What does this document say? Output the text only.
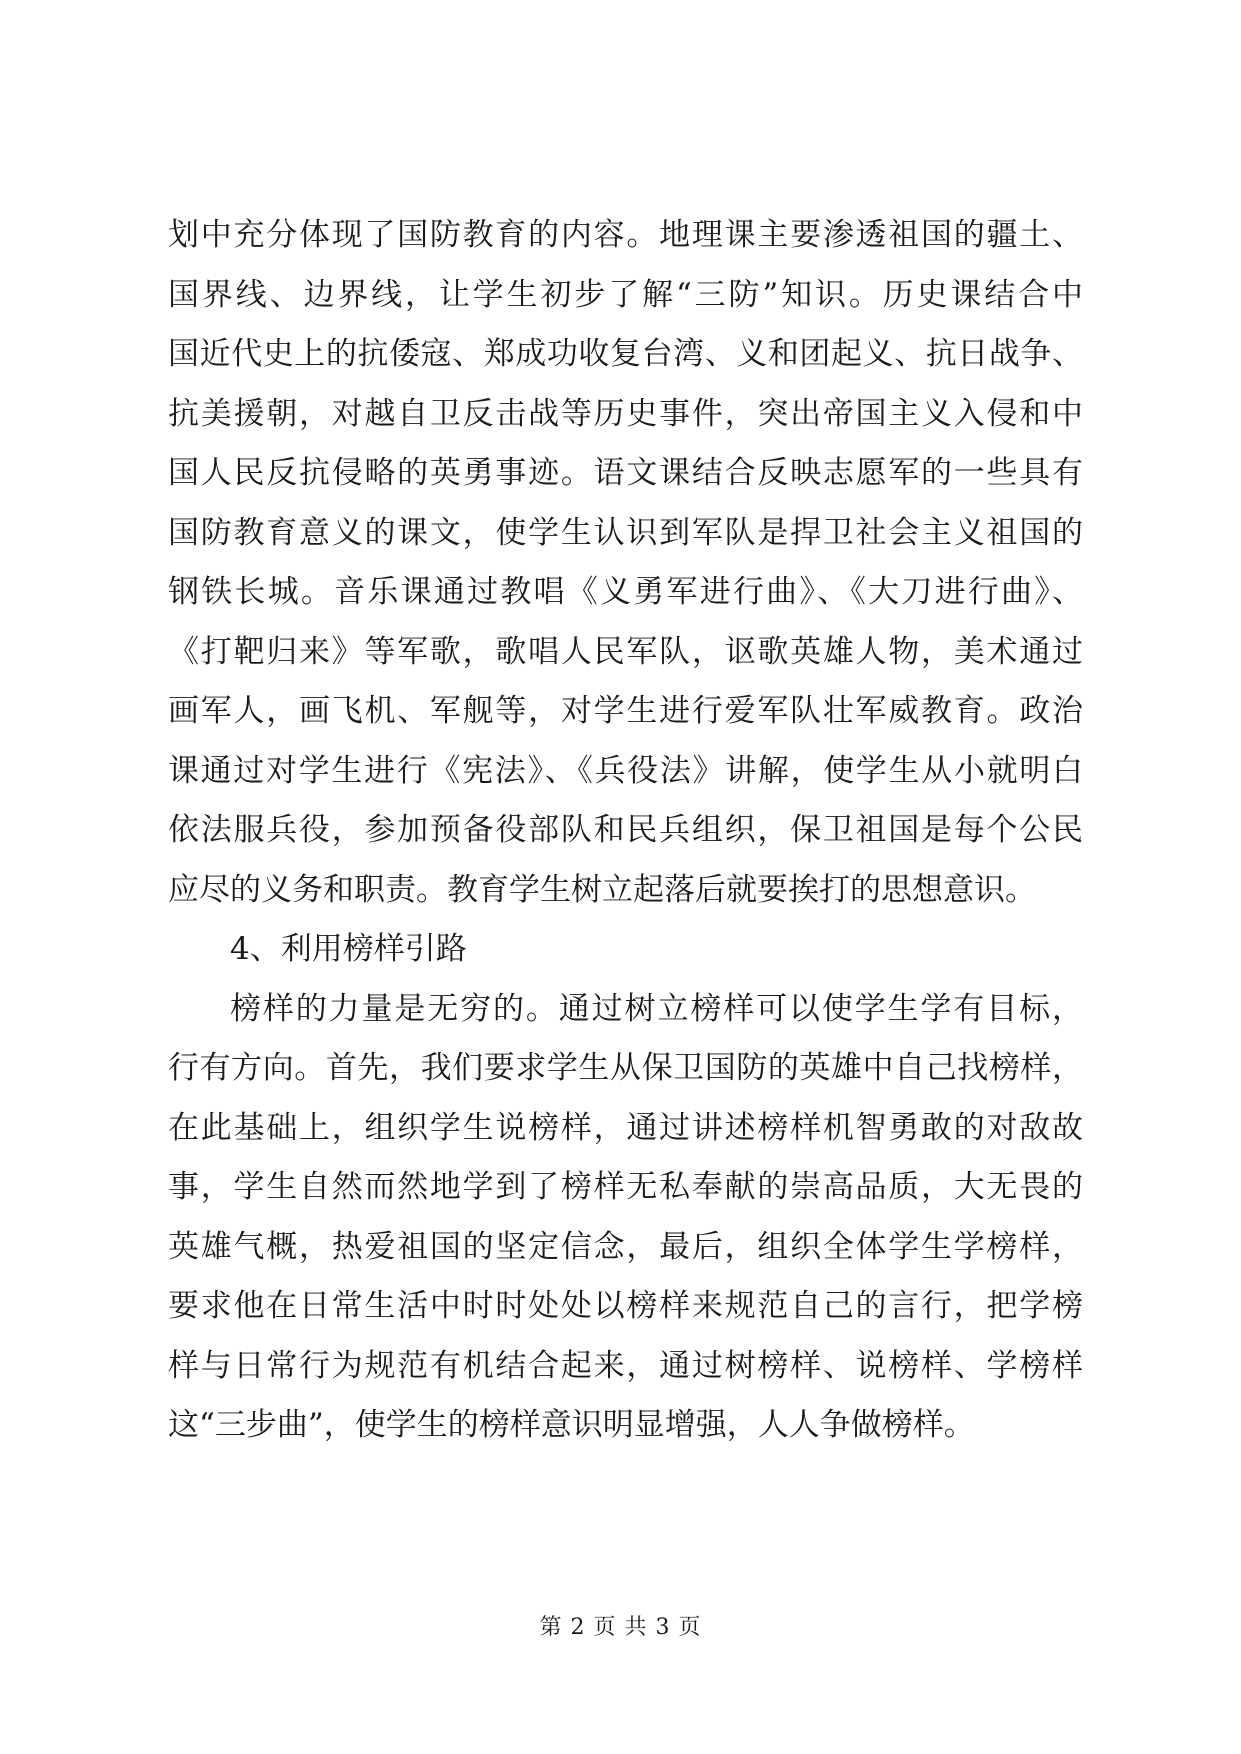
划中充分体现了国防教育的内容。地理课主要渗透祖国的疆土、
国界线、边界线，让学生初步了解“三防”知识。历史课结合中
国近代史上的抗倭寇、郑成功收复台湾、义和团起义、抗日战争、
抗美援朝，对越自卫反击战等历史事件，突出帝国主义入侵和中
国人民反抗侵略的英勇事迹。语文课结合反映志愿军的一些具有
国防教育意义的课文，使学生认识到军队是捍卫社会主义祖国的
钢铁长城。音乐课通过教唱《义勇军进行曲》、《大刀进行曲》、
《打靶归来》等军歌，歌唱人民军队，讴歌英雄人物，美术通过
画军人，画飞机、军舰等，对学生进行爱军队壮军威教育。政治
课通过对学生进行《宪法》、《兵役法》讲解，使学生从小就明白
依法服兵役，参加预备役部队和民兵组织，保卫祖国是每个公民
应尽的义务和职责。教育学生树立起落后就要挨打的思想意识。
4、利用榜样引路
榜样的力量是无穷的。通过树立榜样可以使学生学有目标，
行有方向。首先，我们要求学生从保卫国防的英雄中自己找榜样，
在此基础上，组织学生说榜样，通过讲述榜样机智勇敢的对敌故
事，学生自然而然地学到了榜样无私奉献的崇高品质，大无畏的
英雄气概，热爱祖国的坚定信念，最后，组织全体学生学榜样，
要求他在日常生活中时时处处以榜样来规范自己的言行，把学榜
样与日常行为规范有机结合起来，通过树榜样、说榜样、学榜样
这“三步曲”，使学生的榜样意识明显增强，人人争做榜样。
第 2 页 共 3 页
